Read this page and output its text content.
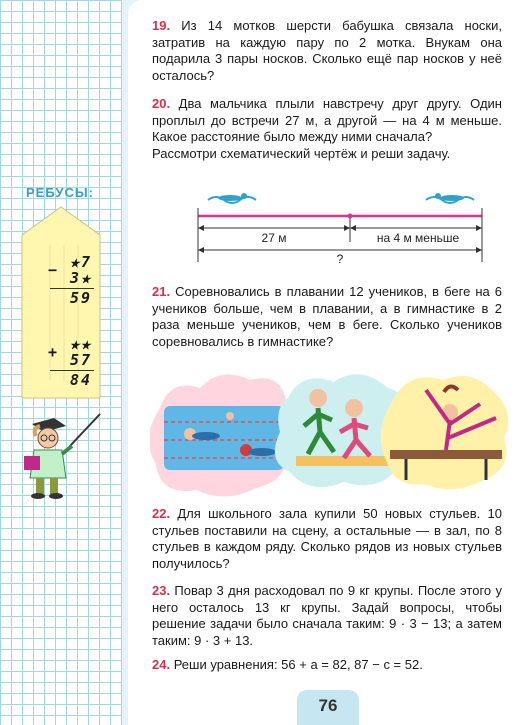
РЕБУСЫ:
− ★7
3★
59
+ ★★
57
84
19. Из 14 мотков шерсти бабушка связала носки, затратив на каждую пару по 2 мотка. Внукам она подарила 3 пары носков. Сколько ещё пар носков у неё осталось?
20. Два мальчика плыли навстречу друг другу. Один проплыл до встречи 27 м, а другой — на 4 м меньше. Какое расстояние было между ними сначала?
Рассмотри схематический чертёж и реши задачу.
27 м	на 4 м меньше
?
21. Соревновались в плавании 12 учеников, в беге на 6 учеников больше, чем в плавании, а в гимнастике в 2 раза меньше учеников, чем в беге. Сколько учеников соревновались в гимнастике?
22. Для школьного зала купили 50 новых стульев. 10 стульев поставили на сцену, а остальные — в зал, по 8 стульев в каждом ряду. Сколько рядов из новых стульев получилось?
23. Повар 3 дня расходовал по 9 кг крупы. После этого у него осталось 13 кг крупы. Задай вопросы, чтобы решение задачи было сначала таким: 9 · 3 − 13; а затем таким: 9 · 3 + 13.
24. Реши уравнения: 56 + a = 82, 87 − c = 52.
76
